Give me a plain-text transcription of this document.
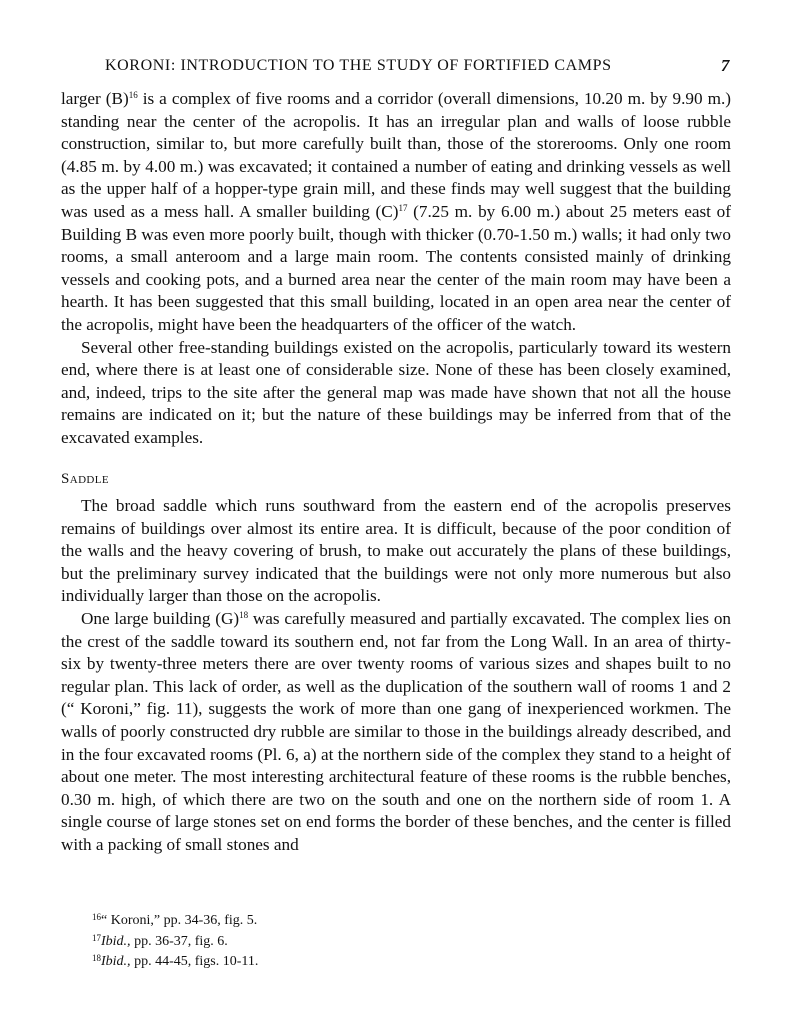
KORONI: INTRODUCTION TO THE STUDY OF FORTIFIED CAMPS	7

larger $(B)^{16}$ is a complex of five rooms and a corridor (overall dimensions, 10.20 m. by 9.90 m.) standing near the center of the acropolis. It has an irregular plan and walls of loose rubble construction, similar to, but more carefully built than, those of the storerooms. Only one room (4.85 m. by 4.00 m.) was excavated; it contained a number of eating and drinking vessels as well as the upper half of a hopper-type grain mill, and these finds may well suggest that the building was used as a mess hall. A smaller building $(C)^{17}$ (7.25 m. by 6.00 m.) about 25 meters east of Building B was even more poorly built, though with thicker (0.70-1.50 m.) walls; it had only two rooms, a small anteroom and a large main room. The contents consisted mainly of drinking vessels and cooking pots, and a burned area near the center of the main room may have been a hearth. It has been suggested that this small building, located in an open area near the center of the acropolis, might have been the headquarters of the officer of the watch.

Several other free-standing buildings existed on the acropolis, particularly toward its western end, where there is at least one of considerable size. None of these has been closely examined, and, indeed, trips to the site after the general map was made have shown that not all the house remains are indicated on it; but the nature of these buildings may be inferred from that of the excavated examples.

Saddle

The broad saddle which runs southward from the eastern end of the acropolis preserves remains of buildings over almost its entire area. It is difficult, because of the poor condition of the walls and the heavy covering of brush, to make out accurately the plans of these buildings, but the preliminary survey indicated that the buildings were not only more numerous but also individually larger than those on the acropolis.

One large building $(G)^{18}$ was carefully measured and partially excavated. The complex lies on the crest of the saddle toward its southern end, not far from the Long Wall. In an area of thirty-six by twenty-three meters there are over twenty rooms of various sizes and shapes built to no regular plan. This lack of order, as well as the duplication of the southern wall of rooms 1 and 2 (“ Koroni,” fig. 11), suggests the work of more than one gang of inexperienced workmen. The walls of poorly constructed dry rubble are similar to those in the buildings already described, and in the four excavated rooms (Pl. 6, a) at the northern side of the complex they stand to a height of about one meter. The most interesting architectural feature of these rooms is the rubble benches, 0.30 m. high, of which there are two on the south and one on the northern side of room 1. A single course of large stones set on end forms the border of these benches, and the center is filled with a packing of small stones and

$^{16}$“ Koroni,” pp. 34-36, fig. 5.
$^{17}$Ibid., pp. 36-37, fig. 6.
$^{18}$Ibid., pp. 44-45, figs. 10-11.
